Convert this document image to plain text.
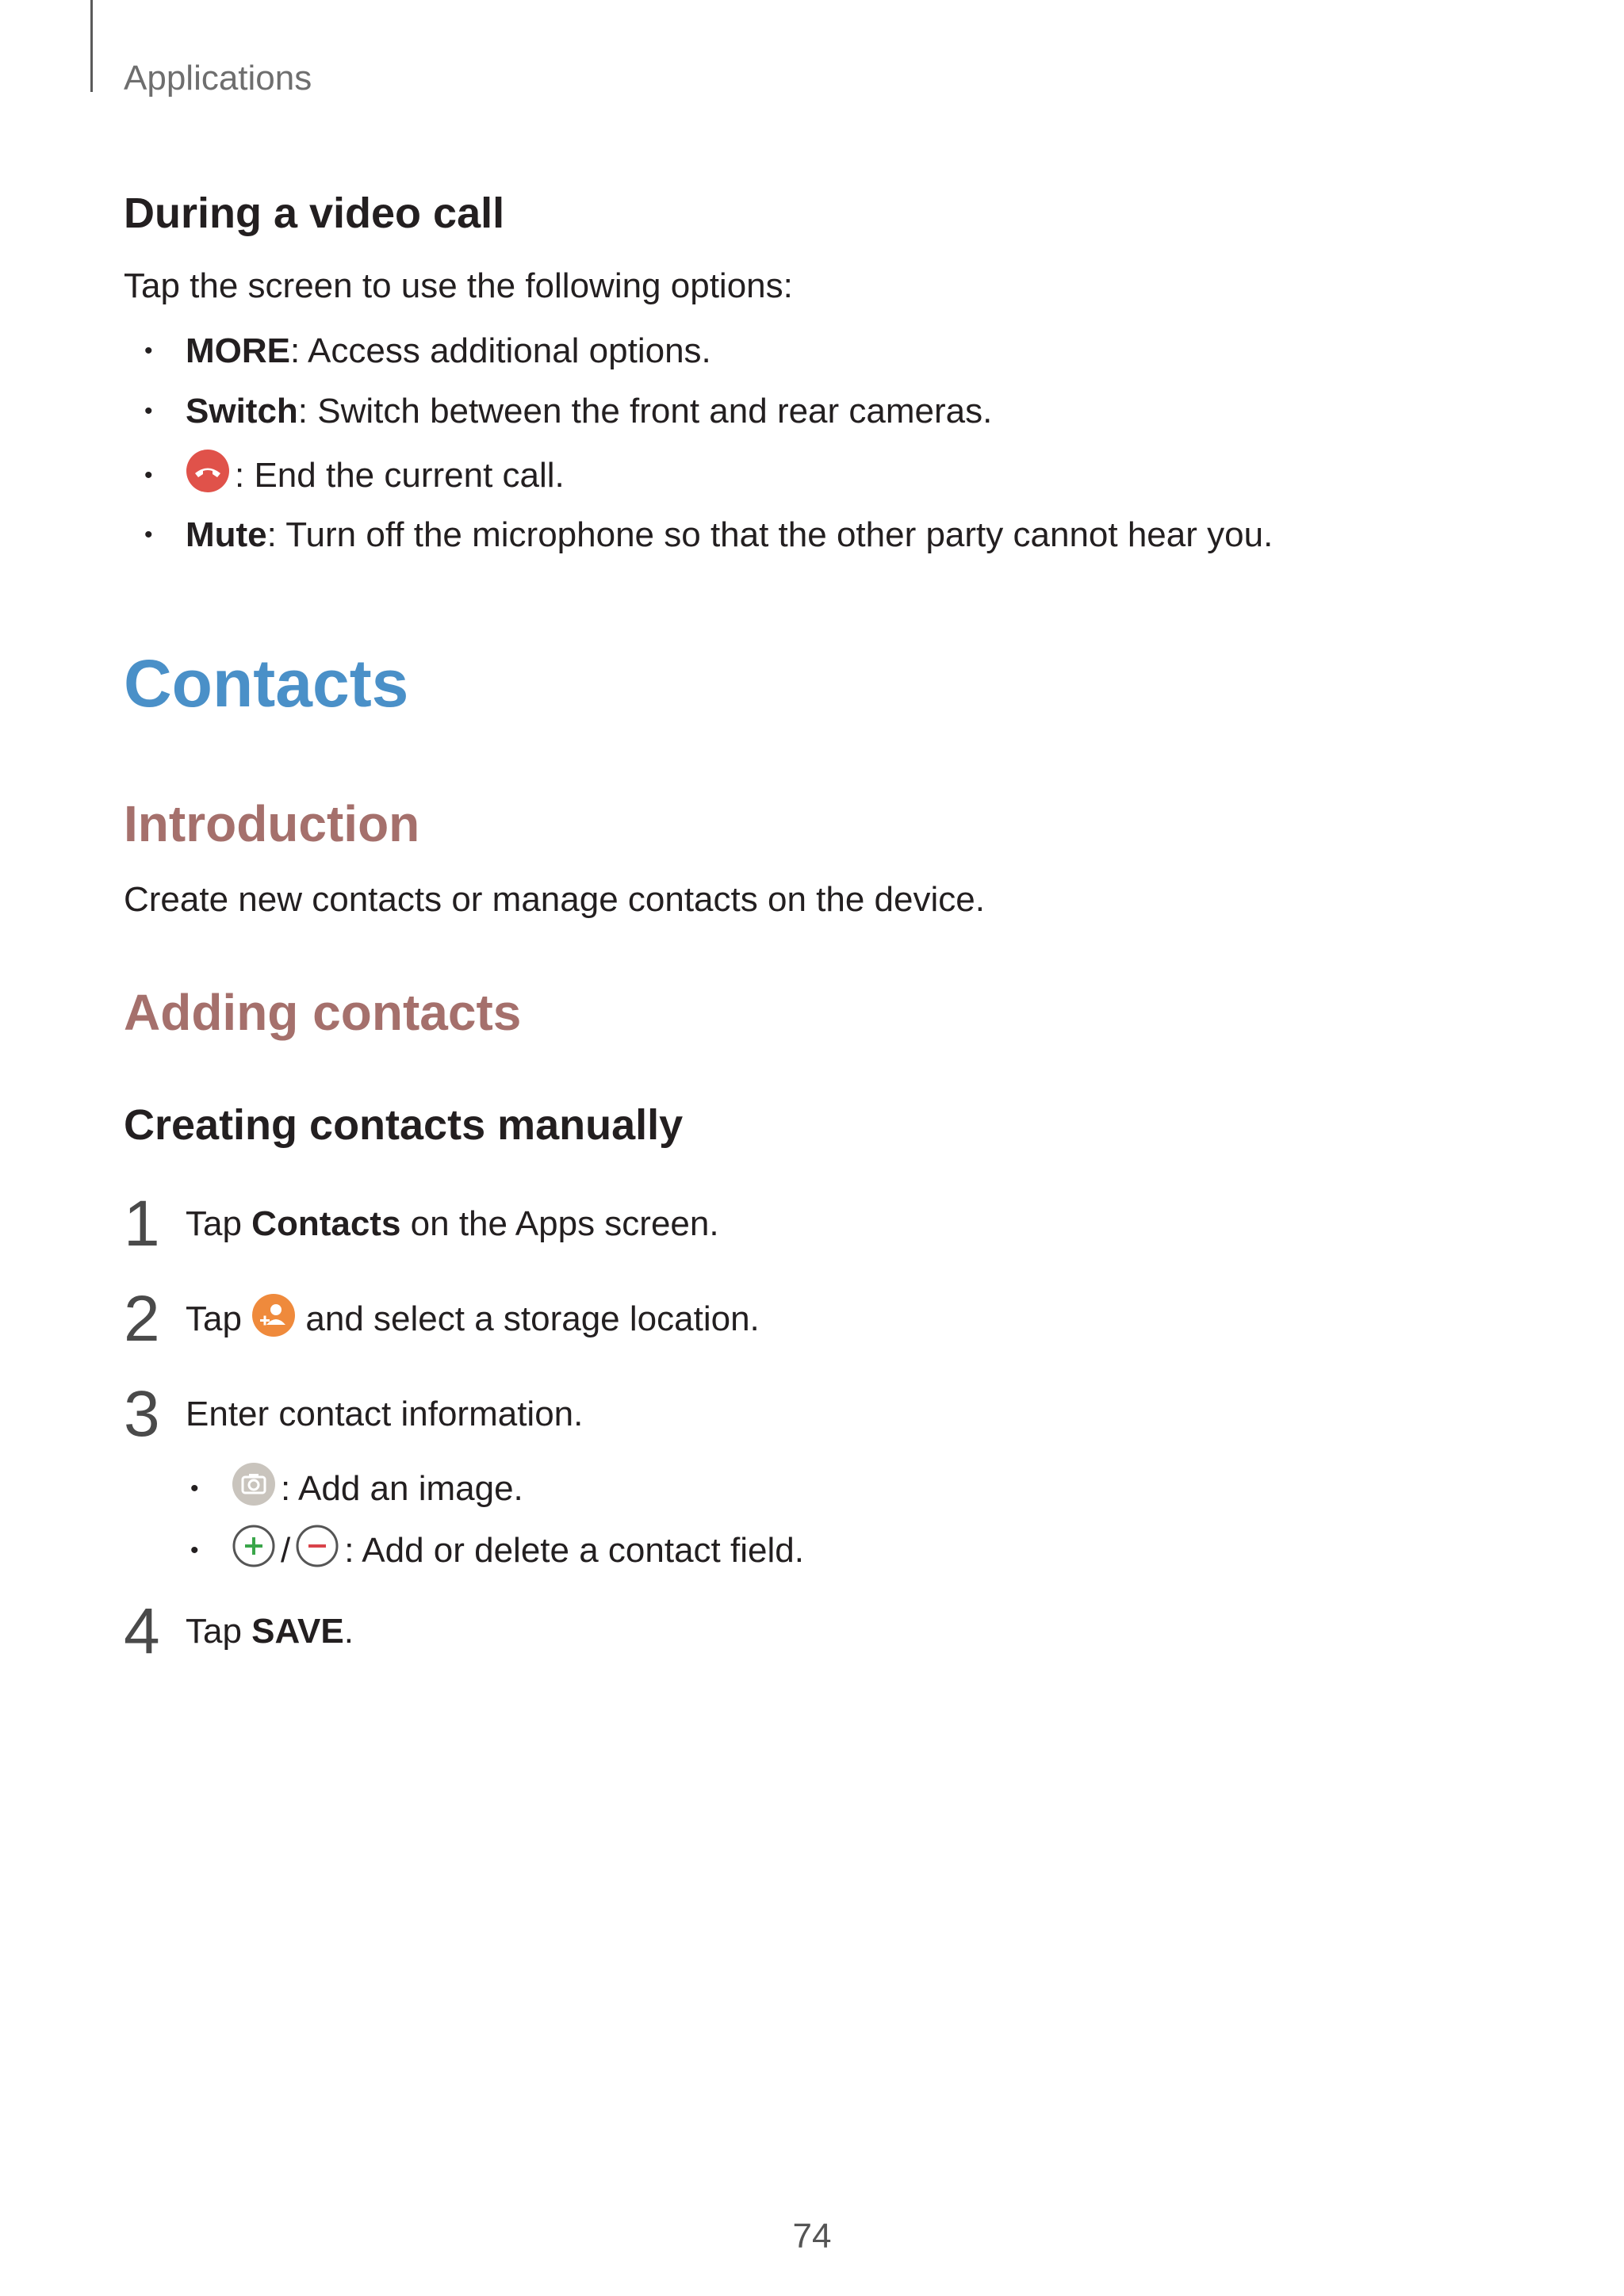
Applications
During a video call
Tap the screen to use the following options:
• MORE : Access additional options.
• Switch : Switch between the front and rear cameras.
•	: End the current call.
• Mute : Turn off the microphone so that the other party cannot hear you.
Contacts
Introduction
Create new contacts or manage contacts on the device.
Adding contacts
Creating contacts manually
1 Tap Contacts on the Apps screen.
2 Tap and select a storage location.
3 Enter contact information.
•	: Add an image.
•	/ : Add or delete a contact field.
4 Tap SAVE .
74
